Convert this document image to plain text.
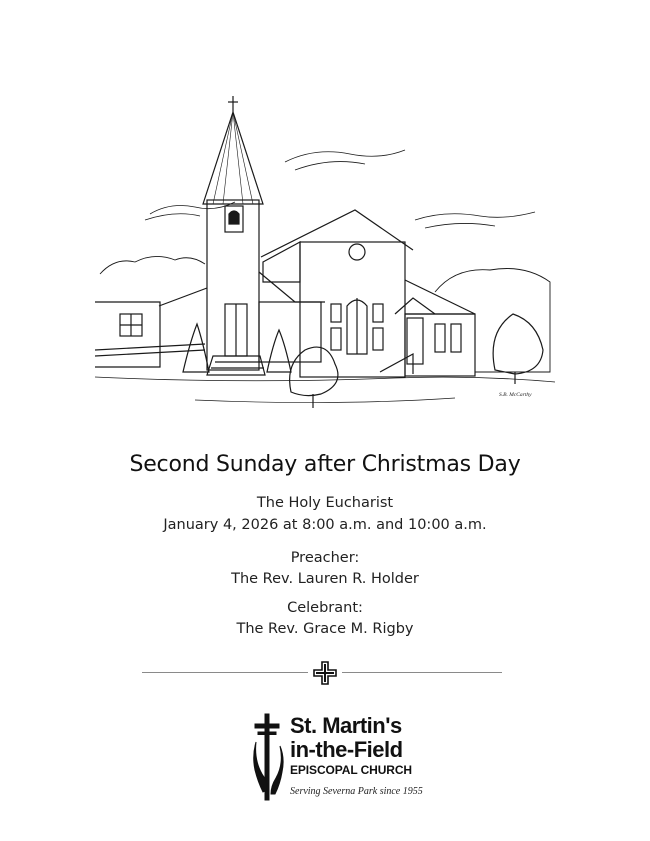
S.B. McCarthy
Second Sunday after Christmas Day
The Holy Eucharist
January 4, 2026 at 8:00 a.m. and 10:00 a.m.
Preacher:
The Rev. Lauren R. Holder
Celebrant:
The Rev. Grace M. Rigby
St. Martin's
in-the-Field
EPISCOPAL CHURCH
Serving Severna Park since 1955
